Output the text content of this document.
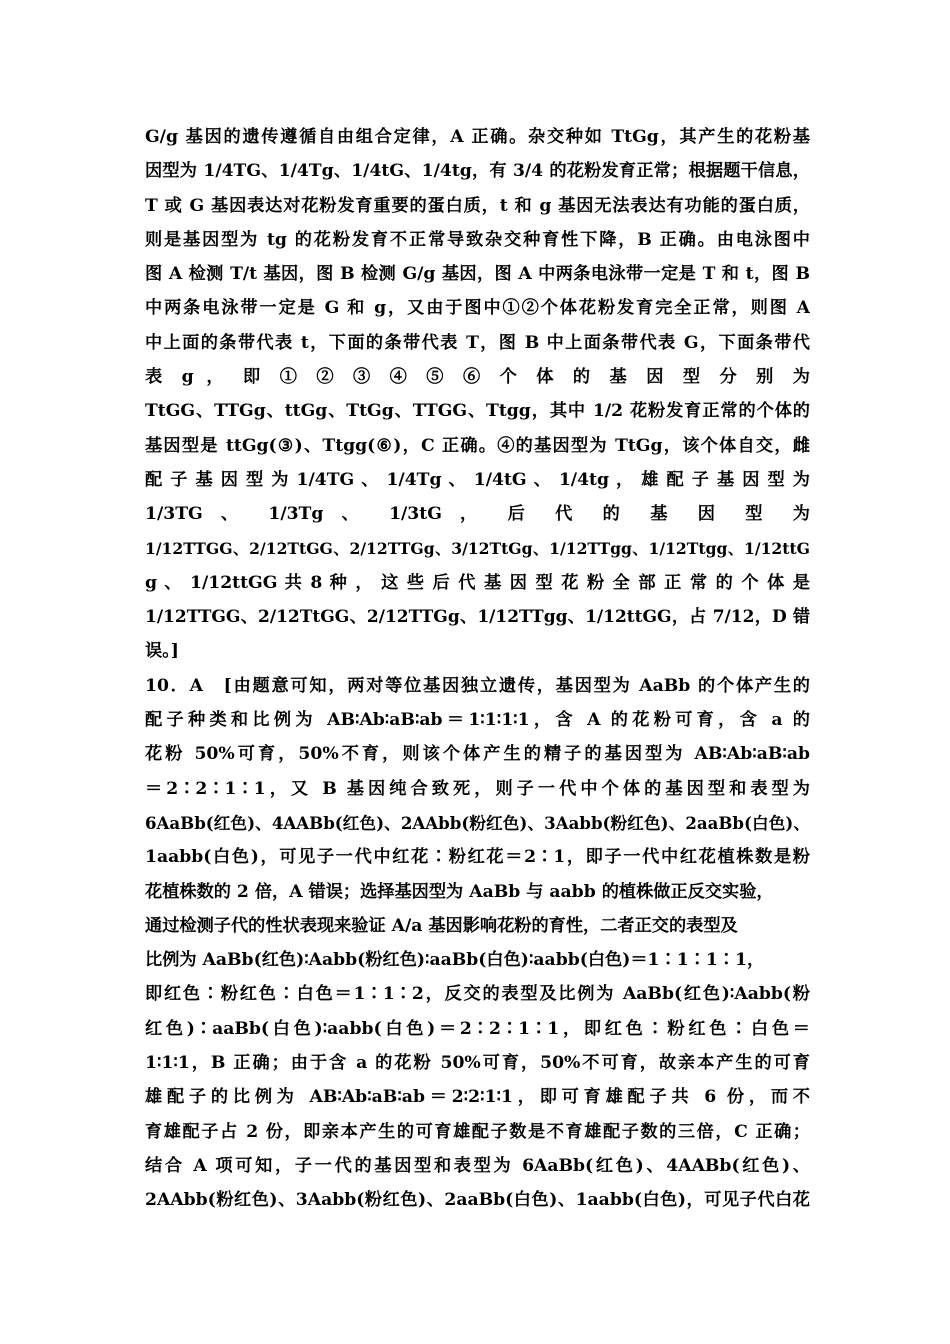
G/g 基因的遗传遵循自由组合定律，A 正确。杂交种如 TtGg，其产生的花粉基
因型为 1/4TG、1/4Tg、1/4tG、1/4tg，有 3/4 的花粉发育正常；根据题干信息，
T 或 G 基因表达对花粉发育重要的蛋白质，t 和 g 基因无法表达有功能的蛋白质，
则是基因型为 tg 的花粉发育不正常导致杂交种育性下降，B 正确。由电泳图中
图 A 检测 T/t 基因，图 B 检测 G/g 基因，图 A 中两条电泳带一定是 T 和 t，图 B
中两条电泳带一定是 G 和 g，又由于图中①②个体花粉发育完全正常，则图 A
中上面的条带代表 t，下面的条带代表 T，图 B 中上面条带代表 G，下面条带代
表 g ， 即 ① ② ③ ④ ⑤ ⑥ 个 体 的 基 因 型 分 别 为
TtGG、TTGg、ttGg、TtGg、TTGG、Ttgg，其中 1/2 花粉发育正常的个体的
基因型是 ttGg(③)、Ttgg(⑥)，C 正确。④的基因型为 TtGg，该个体自交，雌
配 子 基 因 型 为 1/4TG 、 1/4Tg 、 1/4tG 、 1/4tg ， 雄 配 子 基 因 型 为
1/3TG 、 1/3Tg 、 1/3tG ， 后 代 的 基 因 型 为
1/12TTGG、2/12TtGG、2/12TTGg、3/12TtGg、1/12TTgg、1/12Ttgg、1/12ttG
g 、 1/12ttGG 共 8 种 ， 这 些 后 代 基 因 型 花 粉 全 部 正 常 的 个 体 是
1/12TTGG、2/12TtGG、2/12TTGg、1/12TTgg、1/12ttGG，占 7/12，D 错
误。]
10．A　[由题意可知，两对等位基因独立遗传，基因型为 AaBb 的个体产生的
配子种类和比例为 AB∶Ab∶aB∶ab＝1∶1∶1∶1，含 A 的花粉可育，含 a 的
花粉 50%可育，50%不育，则该个体产生的精子的基因型为 AB∶Ab∶aB∶ab
＝2∶2∶1∶1，又 B 基因纯合致死，则子一代中个体的基因型和表型为
6AaBb(红色)、4AABb(红色)、2AAbb(粉红色)、3Aabb(粉红色)、2aaBb(白色)、
1aabb(白色)，可见子一代中红花∶粉红花＝2∶1，即子一代中红花植株数是粉
花植株数的 2 倍，A 错误；选择基因型为 AaBb 与 aabb 的植株做正反交实验，
通过检测子代的性状表现来验证 A/a 基因影响花粉的育性，二者正交的表型及
比例为 AaBb(红色)∶Aabb(粉红色)∶aaBb(白色)∶aabb(白色)＝1∶1∶1∶1，
即红色∶粉红色∶白色＝1∶1∶2，反交的表型及比例为 AaBb(红色)∶Aabb(粉
红色)∶aaBb(白色)∶aabb(白色)＝2∶2∶1∶1，即红色∶粉红色∶白色＝
1∶1∶1，B 正确；由于含 a 的花粉 50%可育，50%不可育，故亲本产生的可育
雄配子的比例为 AB∶Ab∶aB∶ab＝2∶2∶1∶1，即可育雄配子共 6 份，而不
育雄配子占 2 份，即亲本产生的可育雄配子数是不育雄配子数的三倍，C 正确；
结合 A 项可知，子一代的基因型和表型为 6AaBb(红色)、4AABb(红色)、
2AAbb(粉红色)、3Aabb(粉红色)、2aaBb(白色)、1aabb(白色)，可见子代白花
